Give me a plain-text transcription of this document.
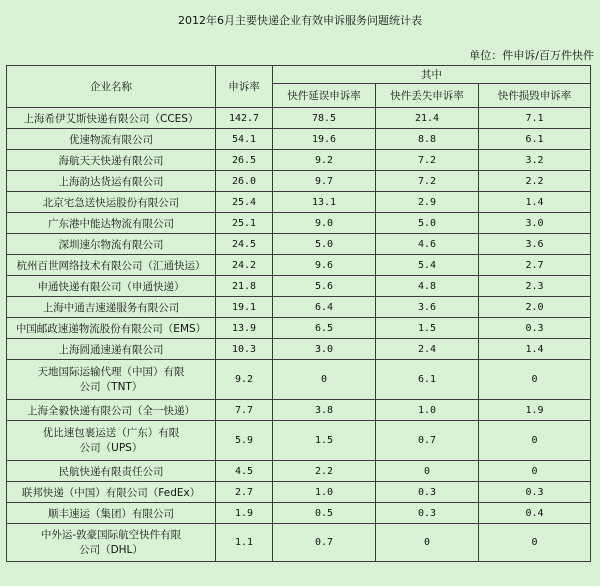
2012年6月主要快递企业有效申诉服务问题统计表
单位：件申诉/百万件快件
企业名称	申诉率	其中		
		快件延误申诉率	快件丢失申诉率	快件损毁申诉率
上海希伊艾斯快递有限公司（CCES）	142.7	78.5	21.4	7.1
优速物流有限公司	54.1	19.6	8.8	6.1
海航天天快递有限公司	26.5	9.2	7.2	3.2
上海韵达货运有限公司	26.0	9.7	7.2	2.2
北京宅急送快运股份有限公司	25.4	13.1	2.9	1.4
广东港中能达物流有限公司	25.1	9.0	5.0	3.0
深圳速尔物流有限公司	24.5	5.0	4.6	3.6
杭州百世网络技术有限公司（汇通快运）	24.2	9.6	5.4	2.7
申通快递有限公司（申通快递）	21.8	5.6	4.8	2.3
上海中通吉速递服务有限公司	19.1	6.4	3.6	2.0
中国邮政速递物流股份有限公司（EMS）	13.9	6.5	1.5	0.3
上海圆通速递有限公司	10.3	3.0	2.4	1.4
天地国际运输代理（中国）有限
公司（TNT）	9.2	0	6.1	0
上海全毅快递有限公司（全一快递）	7.7	3.8	1.0	1.9
优比速包裹运送（广东）有限
公司（UPS）	5.9	1.5	0.7	0
民航快递有限责任公司	4.5	2.2	0	0
联邦快递（中国）有限公司（FedEx）	2.7	1.0	0.3	0.3
顺丰速运（集团）有限公司	1.9	0.5	0.3	0.4
中外运-敦豪国际航空快件有限
公司（DHL）	1.1	0.7	0	0
